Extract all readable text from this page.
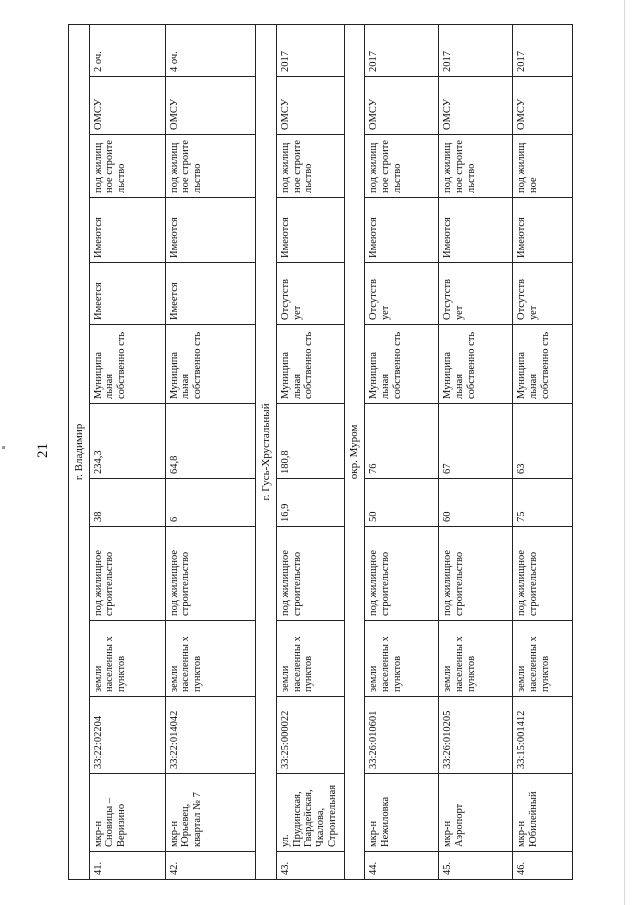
21 г. Владимир												
41.	мкр-н Сновицы – Веризино	33:22:02204	земли населенны х пунктов	под жилищное строительство	38	234,3	Муниципа льная собственно сть	Имеется	Имеются	под жилищ ное строите льство	ОМСУ	2 оч.
42.	мкр-н Юрьевец, квартал № 7	33:22:014042	земли населенны х пунктов	под жилищное строительство	6	64,8	Муниципа льная собственно сть	Имеется	Имеются	под жилищ ное строите льство	ОМСУ	4 оч.
г. Гусь-Хрустальный												
43.	ул. Прудинская, Гвардейская, Чкалова, Строительная	33:25:000022	земли населенны х пунктов	под жилищное строительство	16,9	180,8	Муниципа льная собственно сть	Отсутств ует	Имеются	под жилищ ное строите льство	ОМСУ	2017
окр. Муром												
44.	мкр-н Нежиловка	33:26:010601	земли населенны х пунктов	под жилищное строительство	50	76	Муниципа льная собственно сть	Отсутств ует	Имеются	под жилищ ное строите льство	ОМСУ	2017
45.	мкр-н Аэропорт	33:26:010205	земли населенны х пунктов	под жилищное строительство	60	67	Муниципа льная собственно сть	Отсутств ует	Имеются	под жилищ ное строите льство	ОМСУ	2017
46.	мкр-н Юбилейный	33:15:001412	земли населенны х пунктов	под жилищное строительство	75	63	Муниципа льная собственно сть	Отсутств ует	Имеются	под жилищ ное	ОМСУ	2017
